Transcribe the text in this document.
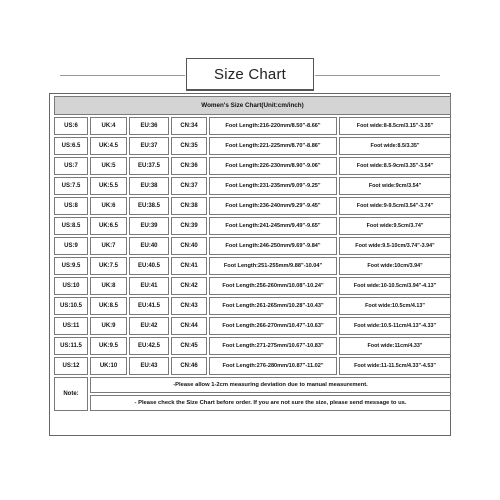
Size Chart
Women's Size Chart(Unit:cm/inch)					
US:6	UK:4	EU:36	CN:34	Foot Length:216-220mm/8.50"-8.66"	Foot wide:8-8.5cm/3.15"-3.35"
US:6.5	UK:4.5	EU:37	CN:35	Foot Length:221-225mm/8.70"-8.86"	Foot wide:8.5/3.35"
US:7	UK:5	EU:37.5	CN:36	Foot Length:226-230mm/8.90"-9.06"	Foot wide:8.5-9cm/3.35"-3.54"
US:7.5	UK:5.5	EU:38	CN:37	Foot Length:231-235mm/9.09"-9.25"	Foot wide:9cm/3.54"
US:8	UK:6	EU:38.5	CN:38	Foot Length:236-240mm/9.29"-9.45"	Foot wide:9-9.5cm/3.54"-3.74"
US:8.5	UK:6.5	EU:39	CN:39	Foot Length:241-245mm/9.49"-9.65"	Foot wide:9.5cm/3.74"
US:9	UK:7	EU:40	CN:40	Foot Length:246-250mm/9.69"-9.84"	Foot wide:9.5-10cm/3.74"-3.94"
US:9.5	UK:7.5	EU:40.5	CN:41	Foot Length:251-255mm/9.88"-10.04"	Foot wide:10cm/3.94"
US:10	UK:8	EU:41	CN:42	Foot Length:256-260mm/10.08"-10.24"	Foot wide:10-10.5cm/3.94"-4.13"
US:10.5	UK:8.5	EU:41.5	CN:43	Foot Length:261-265mm/10.28"-10.43"	Foot wide:10.5cm/4.13"
US:11	UK:9	EU:42	CN:44	Foot Length:266-270mm/10.47"-10.63"	Foot wide:10.5-11cm/4.13"-4.33"
US:11.5	UK:9.5	EU:42.5	CN:45	Foot Length:271-275mm/10.67"-10.83"	Foot wide:11cm/4.33"
US:12	UK:10	EU:43	CN:46	Foot Length:276-280mm/10.87"-11.02"	Foot wide:11-11.5cm/4.33"-4.53"
Note:	-Please allow 1-2cm measuring deviation due to manual measurement.				
	- Please check the Size Chart before order. If you are not sure the size, please send message to us.				
